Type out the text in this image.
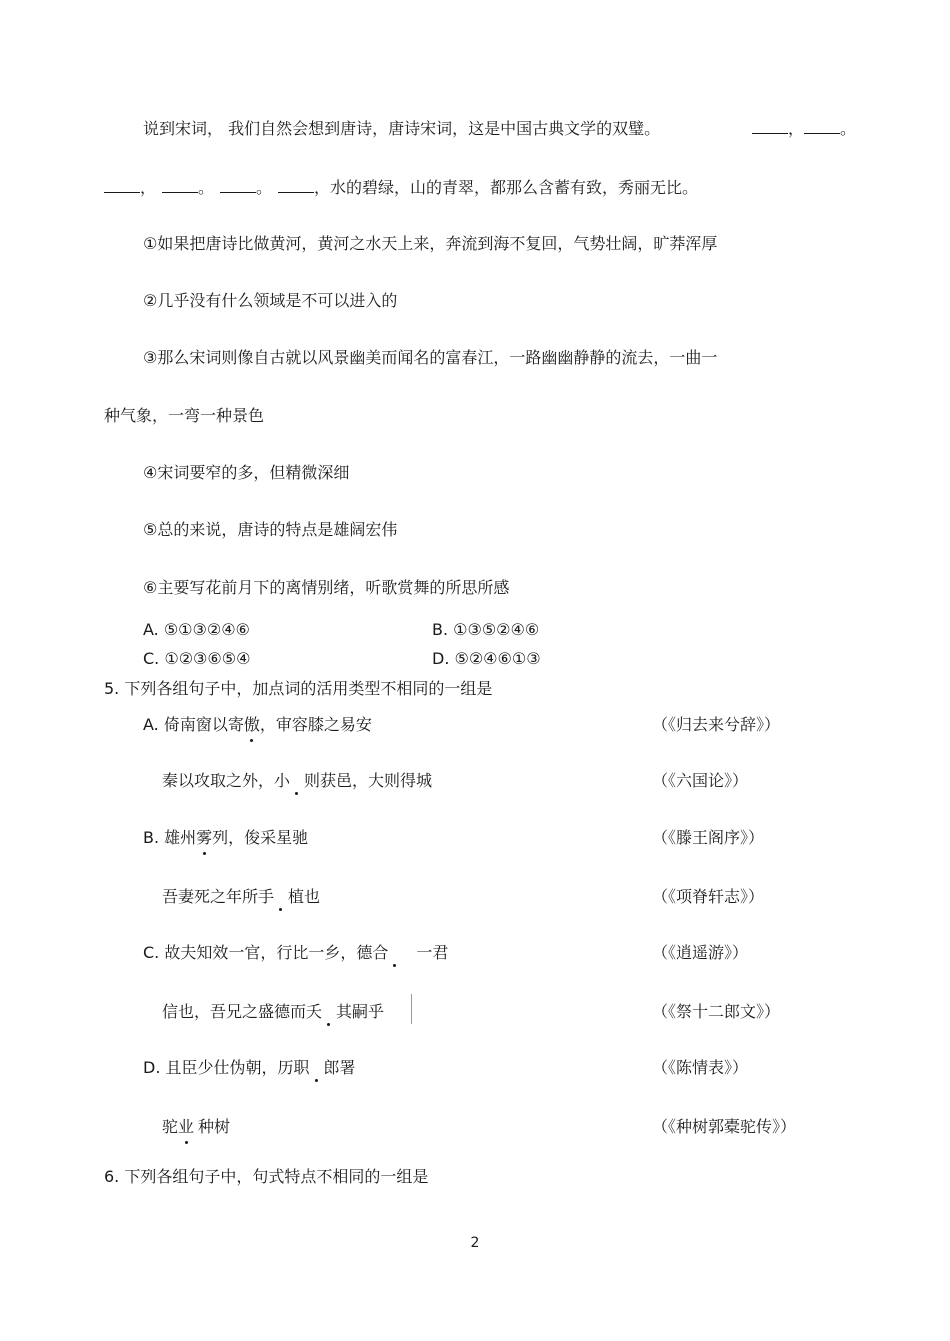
说到宋词， 我们自然会想到唐诗，唐诗宋词，这是中国古典文学的双璧。	， 。
，	。	。	，水的碧绿，山的青翠，都那么含蓄有致，秀丽无比。
①如果把唐诗比做黄河，黄河之水天上来，奔流到海不复回，气势壮阔，旷莽浑厚
②几乎没有什么领域是不可以进入的
③那么宋词则像自古就以风景幽美而闻名的富春江，一路幽幽静静的流去，一曲一
种气象，一弯一种景色
④宋词要窄的多，但精微深细
⑤总的来说，唐诗的特点是雄阔宏伟
⑥主要写花前月下的离情别绪，听歌赏舞的所思所感
A. ⑤①③②④⑥	B. ①③⑤②④⑥
C. ①②③⑥⑤④	D. ⑤②④⑥①③
5. 下列各组句子中，加点词的活用类型不相同的一组是
A. 倚南窗以寄傲，审容膝之易安	（《归去来兮辞》）
秦以攻取之外，小 则获邑，大则得城	（《六国论》）
B. 雄州雾列，俊采星驰	（《滕王阁序》）
吾妻死之年所手 植也	（《项脊轩志》）
C. 故夫知效一官，行比一乡，德合 一君	（《逍遥游》）
信也，吾兄之盛德而夭 其嗣乎	（《祭十二郎文》）
D. 且臣少仕伪朝，历职 郎署	（《陈情表》）
驼业 种树	（《种树郭橐驼传》）
6. 下列各组句子中，句式特点不相同的一组是
2
